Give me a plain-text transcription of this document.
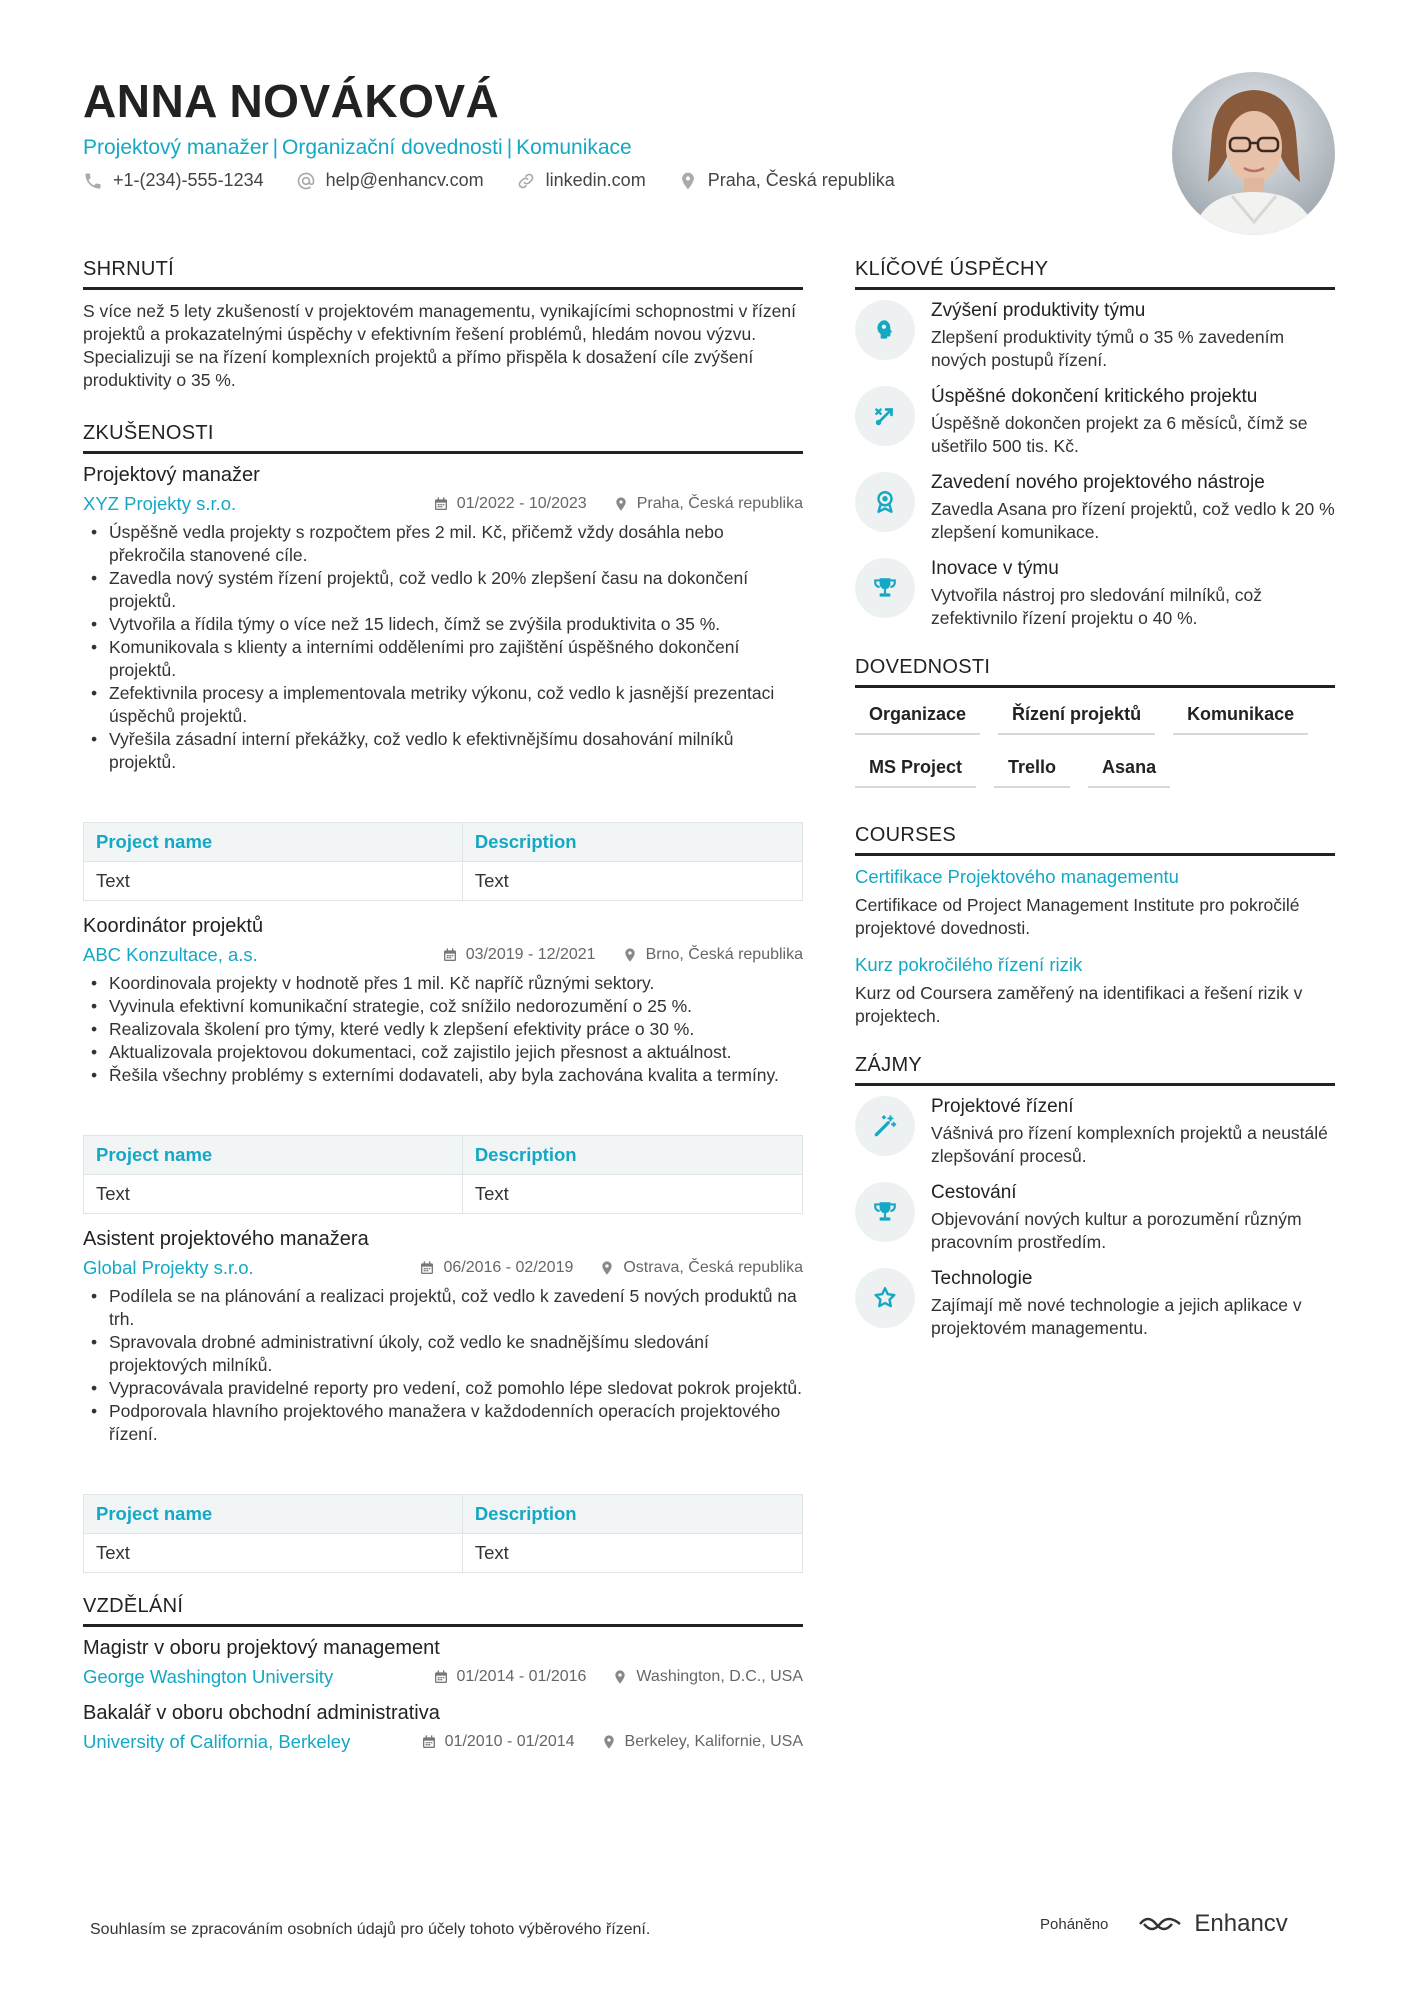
ANNA NOVÁKOVÁ
Projektový manažer | Organizační dovednosti | Komunikace
+1-(234)-555-1234	help@enhancv.com	linkedin.com	Praha, Česká republika
SHRNUTÍ
S více než 5 lety zkušeností v projektovém managementu, vynikajícími schopnostmi v řízení projektů a prokazatelnými úspěchy v efektivním řešení problémů, hledám novou výzvu. Specializuji se na řízení komplexních projektů a přímo přispěla k dosažení cíle zvýšení produktivity o 35 %.
ZKUŠENOSTI
Projektový manažer
XYZ Projekty s.r.o.	01/2022 - 10/2023	Praha, Česká republika
• Úspěšně vedla projekty s rozpočtem přes 2 mil. Kč, přičemž vždy dosáhla nebo překročila stanovené cíle.
• Zavedla nový systém řízení projektů, což vedlo k 20% zlepšení času na dokončení projektů.
• Vytvořila a řídila týmy o více než 15 lidech, čímž se zvýšila produktivita o 35 %.
• Komunikovala s klienty a interními odděleními pro zajištění úspěšného dokončení projektů.
• Zefektivnila procesy a implementovala metriky výkonu, což vedlo k jasnější prezentaci úspěchů projektů.
• Vyřešila zásadní interní překážky, což vedlo k efektivnějšímu dosahování milníků projektů.
Project name	Description
Text	Text
Koordinátor projektů
ABC Konzultace, a.s.	03/2019 - 12/2021	Brno, Česká republika
• Koordinovala projekty v hodnotě přes 1 mil. Kč napříč různými sektory.
• Vyvinula efektivní komunikační strategie, což snížilo nedorozumění o 25 %.
• Realizovala školení pro týmy, které vedly k zlepšení efektivity práce o 30 %.
• Aktualizovala projektovou dokumentaci, což zajistilo jejich přesnost a aktuálnost.
• Řešila všechny problémy s externími dodavateli, aby byla zachována kvalita a termíny.
Project name	Description
Text	Text
Asistent projektového manažera
Global Projekty s.r.o.	06/2016 - 02/2019	Ostrava, Česká republika
• Podílela se na plánování a realizaci projektů, což vedlo k zavedení 5 nových produktů na trh.
• Spravovala drobné administrativní úkoly, což vedlo ke snadnějšímu sledování projektových milníků.
• Vypracovávala pravidelné reporty pro vedení, což pomohlo lépe sledovat pokrok projektů.
• Podporovala hlavního projektového manažera v každodenních operacích projektového řízení.
Project name	Description
Text	Text
VZDĚLÁNÍ
Magistr v oboru projektový management
George Washington University	01/2014 - 01/2016	Washington, D.C., USA
Bakalář v oboru obchodní administrativa
University of California, Berkeley	01/2010 - 01/2014	Berkeley, Kalifornie, USA
KLÍČOVÉ ÚSPĚCHY
Zvýšení produktivity týmu
Zlepšení produktivity týmů o 35 % zavedením nových postupů řízení.
Úspěšné dokončení kritického projektu
Úspěšně dokončen projekt za 6 měsíců, čímž se ušetřilo 500 tis. Kč.
Zavedení nového projektového nástroje
Zavedla Asana pro řízení projektů, což vedlo k 20 % zlepšení komunikace.
Inovace v týmu
Vytvořila nástroj pro sledování milníků, což zefektivnilo řízení projektu o 40 %.
DOVEDNOSTI
Organizace	Řízení projektů	Komunikace
MS Project	Trello	Asana
COURSES
Certifikace Projektového managementu
Certifikace od Project Management Institute pro pokročilé projektové dovednosti.
Kurz pokročilého řízení rizik
Kurz od Coursera zaměřený na identifikaci a řešení rizik v projektech.
ZÁJMY
Projektové řízení
Vášnivá pro řízení komplexních projektů a neustálé zlepšování procesů.
Cestování
Objevování nových kultur a porozumění různým pracovním prostředím.
Technologie
Zajímají mě nové technologie a jejich aplikace v projektovém managementu.
Souhlasím se zpracováním osobních údajů pro účely tohoto výběrového řízení.	Poháněno	Enhancv
